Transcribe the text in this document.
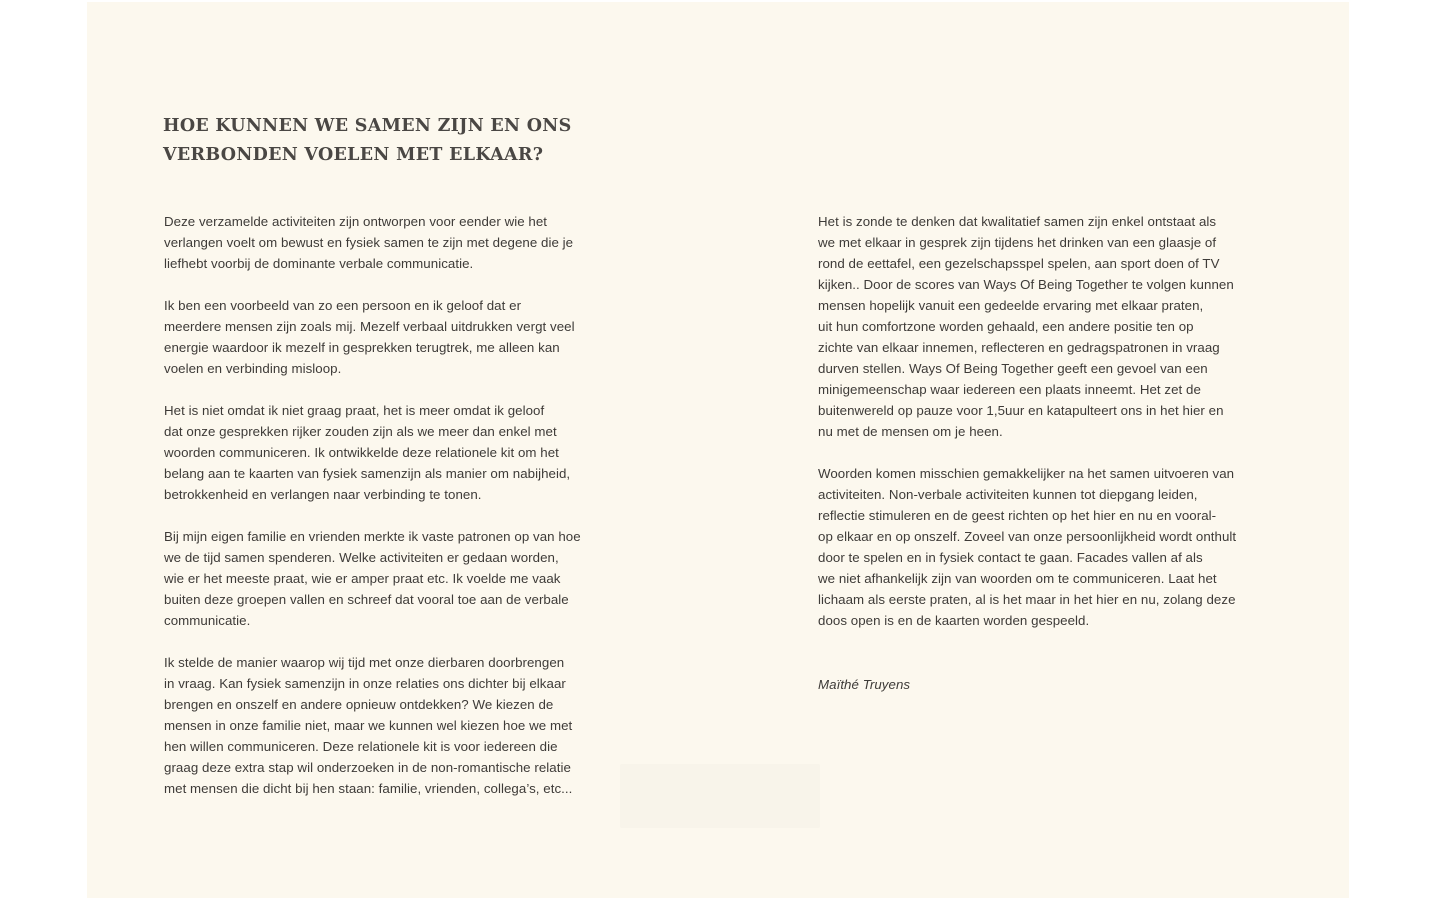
HOE KUNNEN WE SAMEN ZIJN EN ONS
VERBONDEN VOELEN MET ELKAAR?

Deze verzamelde activiteiten zijn ontworpen voor eender wie het
verlangen voelt om bewust en fysiek samen te zijn met degene die je
liefhebt voorbij de dominante verbale communicatie.

Ik ben een voorbeeld van zo een persoon en ik geloof dat er
meerdere mensen zijn zoals mij. Mezelf verbaal uitdrukken vergt veel
energie waardoor ik mezelf in gesprekken terugtrek, me alleen kan
voelen en verbinding misloop.

Het is niet omdat ik niet graag praat, het is meer omdat ik geloof
dat onze gesprekken rijker zouden zijn als we meer dan enkel met
woorden communiceren. Ik ontwikkelde deze relationele kit om het
belang aan te kaarten van fysiek samenzijn als manier om nabijheid,
betrokkenheid en verlangen naar verbinding te tonen.

Bij mijn eigen familie en vrienden merkte ik vaste patronen op van hoe
we de tijd samen spenderen. Welke activiteiten er gedaan worden,
wie er het meeste praat, wie er amper praat etc. Ik voelde me vaak
buiten deze groepen vallen en schreef dat vooral toe aan de verbale
communicatie.

Ik stelde de manier waarop wij tijd met onze dierbaren doorbrengen
in vraag. Kan fysiek samenzijn in onze relaties ons dichter bij elkaar
brengen en onszelf en andere opnieuw ontdekken? We kiezen de
mensen in onze familie niet, maar we kunnen wel kiezen hoe we met
hen willen communiceren. Deze relationele kit is voor iedereen die
graag deze extra stap wil onderzoeken in de non-romantische relatie
met mensen die dicht bij hen staan: familie, vrienden, collega’s, etc...

Het is zonde te denken dat kwalitatief samen zijn enkel ontstaat als
we met elkaar in gesprek zijn tijdens het drinken van een glaasje of
rond de eettafel, een gezelschapsspel spelen, aan sport doen of TV
kijken.. Door de scores van Ways Of Being Together te volgen kunnen
mensen hopelijk vanuit een gedeelde ervaring met elkaar praten,
uit hun comfortzone worden gehaald, een andere positie ten op
zichte van elkaar innemen, reflecteren en gedragspatronen in vraag
durven stellen. Ways Of Being Together geeft een gevoel van een
minigemeenschap waar iedereen een plaats inneemt. Het zet de
buitenwereld op pauze voor 1,5uur en katapulteert ons in het hier en
nu met de mensen om je heen.

Woorden komen misschien gemakkelijker na het samen uitvoeren van
activiteiten. Non-verbale activiteiten kunnen tot diepgang leiden,
reflectie stimuleren en de geest richten op het hier en nu en vooral-
op elkaar en op onszelf. Zoveel van onze persoonlijkheid wordt onthult
door te spelen en in fysiek contact te gaan. Facades vallen af als
we niet afhankelijk zijn van woorden om te communiceren. Laat het
lichaam als eerste praten, al is het maar in het hier en nu, zolang deze
doos open is en de kaarten worden gespeeld.

Maïthé Truyens
